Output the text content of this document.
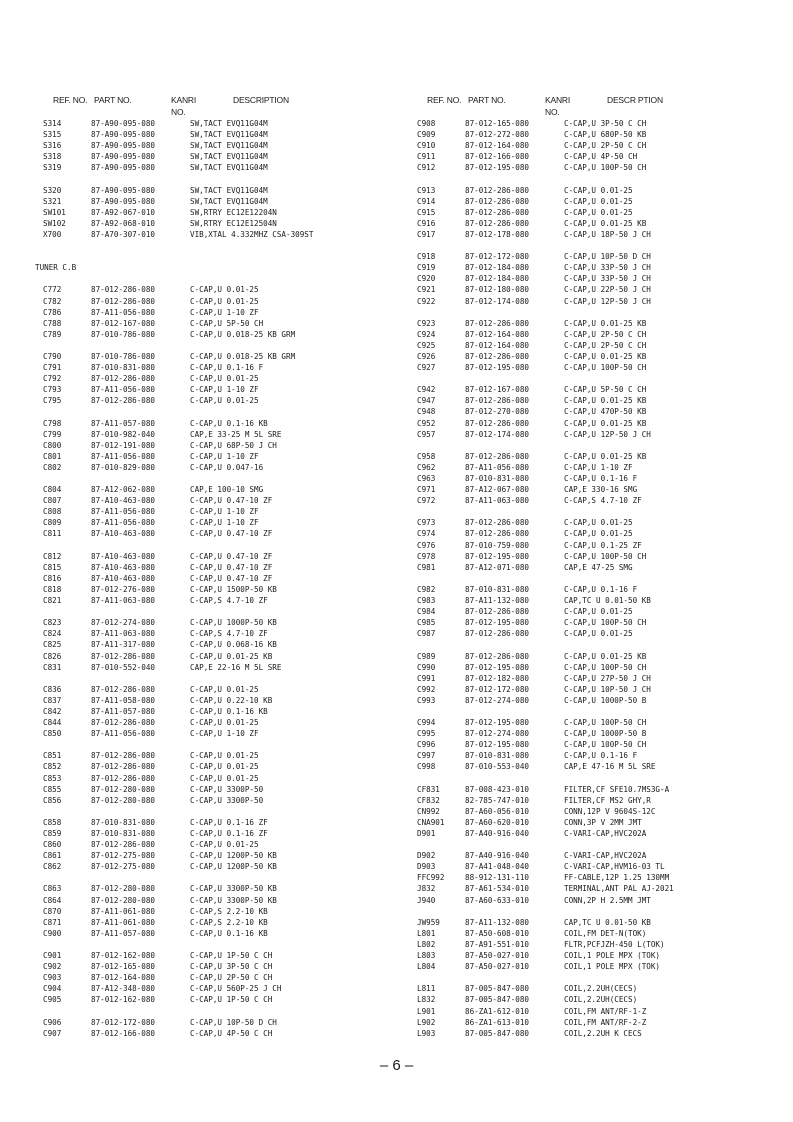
REF. NO. PART NO.	KANRI
NO.
DESCRIPTION
S314	87-A90-095-080	SW,TACT EVQ11G04M
S315	87-A90-095-080	SW,TACT EVQ11G04M
S316	87-A90-095-080	SW,TACT EVQ11G04M
S318	87-A90-095-080	SW,TACT EVQ11G04M
S319	87-A90-095-080	SW,TACT EVQ11G04M
S320	87-A90-095-080	SW,TACT EVQ11G04M
S321	87-A90-095-080	SW,TACT EVQ11G04M
SW101	87-A92-067-010	SW,RTRY EC12E12204N
SW102	87-A92-068-010	SW,RTRY EC12E12504N
X700	87-A70-307-010	VIB,XTAL 4.332MHZ CSA-309ST
TUNER C.B
C772	87-012-286-080	C-CAP,U 0.01-25
C782	87-012-286-080	C-CAP,U 0.01-25
C786	87-A11-056-080	C-CAP,U 1-10 ZF
C788	87-012-167-080	C-CAP,U 5P-50 CH
C789	87-010-786-080	C-CAP,U 0.018-25 KB GRM
C790	87-010-786-080	C-CAP,U 0.018-25 KB GRM
C791	87-010-831-080	C-CAP,U 0.1-16 F
C792	87-012-286-080	C-CAP,U 0.01-25
C793	87-A11-056-080	C-CAP,U 1-10 ZF
C795	87-012-286-080	C-CAP,U 0.01-25
C798	87-A11-057-080	C-CAP,U 0.1-16 KB
C799	87-010-982-040	CAP,E 33-25 M 5L SRE
C800	87-012-191-080	C-CAP,U 68P-50 J CH
C801	87-A11-056-080	C-CAP,U 1-10 ZF
C802	87-010-829-080	C-CAP,U 0.047-16
C804	87-A12-062-080	CAP,E 100-10 SMG
C807	87-A10-463-080	C-CAP,U 0.47-10 ZF
C808	87-A11-056-080	C-CAP,U 1-10 ZF
C809	87-A11-056-080	C-CAP,U 1-10 ZF
C811	87-A10-463-080	C-CAP,U 0.47-10 ZF
C812	87-A10-463-080	C-CAP,U 0.47-10 ZF
C815	87-A10-463-080	C-CAP,U 0.47-10 ZF
C816	87-A10-463-080	C-CAP,U 0.47-10 ZF
C818	87-012-276-080	C-CAP,U 1500P-50 KB
C821	87-A11-063-080	C-CAP,S 4.7-10 ZF
C823	87-012-274-080	C-CAP,U 1000P-50 KB
C824	87-A11-063-080	C-CAP,S 4.7-10 ZF
C825	87-A11-317-080	C-CAP,U 0.068-16 KB
C826	87-012-286-080	C-CAP,U 0.01-25 KB
C831	87-010-552-040	CAP,E 22-16 M 5L SRE
C836	87-012-286-080	C-CAP,U 0.01-25
C837	87-A11-058-080	C-CAP,U 0.22-10 KB
C842	87-A11-057-080	C-CAP,U 0.1-16 KB
C844	87-012-286-080	C-CAP,U 0.01-25
C850	87-A11-056-080	C-CAP,U 1-10 ZF
C851	87-012-286-080	C-CAP,U 0.01-25
C852	87-012-286-080	C-CAP,U 0.01-25
C853	87-012-286-080	C-CAP,U 0.01-25
C855	87-012-280-080	C-CAP,U 3300P-50
C856	87-012-280-080	C-CAP,U 3300P-50
C858	87-010-831-080	C-CAP,U 0.1-16 ZF
C859	87-010-831-080	C-CAP,U 0.1-16 ZF
C860	87-012-286-080	C-CAP,U 0.01-25
C861	87-012-275-080	C-CAP,U 1200P-50 KB
C862	87-012-275-080	C-CAP,U 1200P-50 KB
C863	87-012-280-080	C-CAP,U 3300P-50 KB
C864	87-012-280-080	C-CAP,U 3300P-50 KB
C870	87-A11-061-080	C-CAP,S 2.2-10 KB
C871	87-A11-061-080	C-CAP,S 2.2-10 KB
C900	87-A11-057-080	C-CAP,U 0.1-16 KB
C901	87-012-162-080	C-CAP,U 1P-50 C CH
C902	87-012-165-080	C-CAP,U 3P-50 C CH
C903	87-012-164-080	C-CAP,U 2P-50 C CH
C904	87-A12-348-080	C-CAP,U 560P-25 J CH
C905	87-012-162-080	C-CAP,U 1P-50 C CH
C906	87-012-172-080	C-CAP,U 10P-50 D CH
C907	87-012-166-080	C-CAP,U 4P-50 C CH
REF. NO. PART NO.	KANRI
NO.
DESCR PTION
C908	87-012-165-080	C-CAP,U 3P-50 C CH
C909	87-012-272-080	C-CAP,U 680P-50 KB
C910	87-012-164-080	C-CAP,U 2P-50 C CH
C911	87-012-166-080	C-CAP,U 4P-50 CH
C912	87-012-195-080	C-CAP,U 100P-50 CH
C913	87-012-286-080	C-CAP,U 0.01-25
C914	87-012-286-080	C-CAP,U 0.01-25
C915	87-012-286-080	C-CAP,U 0.01-25
C916	87-012-286-080	C-CAP,U 0.01-25 KB
C917	87-012-178-080	C-CAP,U 18P-50 J CH
C918	87-012-172-080	C-CAP,U 10P-50 D CH
C919	87-012-184-080	C-CAP,U 33P-50 J CH
C920	87-012-184-080	C-CAP,U 33P-50 J CH
C921	87-012-180-080	C-CAP,U 22P-50 J CH
C922	87-012-174-080	C-CAP,U 12P-50 J CH
C923	87-012-286-080	C-CAP,U 0.01-25 KB
C924	87-012-164-080	C-CAP,U 2P-50 C CH
C925	87-012-164-080	C-CAP,U 2P-50 C CH
C926	87-012-286-080	C-CAP,U 0.01-25 KB
C927	87-012-195-080	C-CAP,U 100P-50 CH
C942	87-012-167-080	C-CAP,U 5P-50 C CH
C947	87-012-286-080	C-CAP,U 0.01-25 KB
C948	87-012-270-080	C-CAP,U 470P-50 KB
C952	87-012-286-080	C-CAP,U 0.01-25 KB
C957	87-012-174-080	C-CAP,U 12P-50 J CH
C958	87-012-286-080	C-CAP,U 0.01-25 KB
C962	87-A11-056-080	C-CAP,U 1-10 ZF
C963	87-010-831-080	C-CAP,U 0.1-16 F
C971	87-A12-067-080	CAP,E 330-16 SMG
C972	87-A11-063-080	C-CAP,S 4.7-10 ZF
C973	87-012-286-080	C-CAP,U 0.01-25
C974	87-012-286-080	C-CAP,U 0.01-25
C976	87-010-759-080	C-CAP,U 0.1-25 ZF
C978	87-012-195-080	C-CAP,U 100P-50 CH
C981	87-A12-071-080	CAP,E 47-25 SMG
C982	87-010-831-080	C-CAP,U 0.1-16 F
C983	87-A11-132-080	CAP,TC U 0.01-50 KB
C984	87-012-286-080	C-CAP,U 0.01-25
C985	87-012-195-080	C-CAP,U 100P-50 CH
C987	87-012-286-080	C-CAP,U 0.01-25
C989	87-012-286-080	C-CAP,U 0.01-25 KB
C990	87-012-195-080	C-CAP,U 100P-50 CH
C991	87-012-182-080	C-CAP,U 27P-50 J CH
C992	87-012-172-080	C-CAP,U 10P-50 J CH
C993	87-012-274-080	C-CAP,U 1000P-50 B
C994	87-012-195-080	C-CAP,U 100P-50 CH
C995	87-012-274-080	C-CAP,U 1000P-50 B
C996	87-012-195-080	C-CAP,U 100P-50 CH
C997	87-010-831-080	C-CAP,U 0.1-16 F
C998	87-010-553-040	CAP,E 47-16 M 5L SRE
CF831	87-008-423-010	FILTER,CF SFE10.7MS3G-A
CF832	82-785-747-010	FILTER,CF MS2 GHY,R
CN992	87-A60-056-010	CONN,12P V 9604S-12C
CNA901	87-A60-620-010	CONN,3P V 2MM JMT
D901	87-A40-916-040	C-VARI-CAP,HVC202A
D902	87-A40-916-040	C-VARI-CAP,HVC202A
D903	87-A41-048-040	C-VARI-CAP,HVM16-03 TL
FFC992	88-912-131-110	FF-CABLE,12P 1.25 130MM
J832	87-A61-534-010	TERMINAL,ANT PAL AJ-2021
J940	87-A60-633-010	CONN,2P H 2.5MM JMT
JW959	87-A11-132-080	CAP,TC U 0.01-50 KB
L801	87-A50-608-010	COIL,FM DET-N(TOK)
L802	87-A91-551-010	FLTR,PCFJZH-450 L(TOK)
L803	87-A50-027-010	COIL,1 POLE MPX (TOK)
L804	87-A50-027-010	COIL,1 POLE MPX (TOK)
L811	87-005-847-080	COIL,2.2UH(CECS)
L832	87-005-847-080	COIL,2.2UH(CECS)
L901	86-ZA1-612-010	COIL,FM ANT/RF-1-Z
L902	86-ZA1-613-010	COIL,FM ANT/RF-2-Z
L903	87-005-847-080	COIL,2.2UH K CECS
– 6 –
